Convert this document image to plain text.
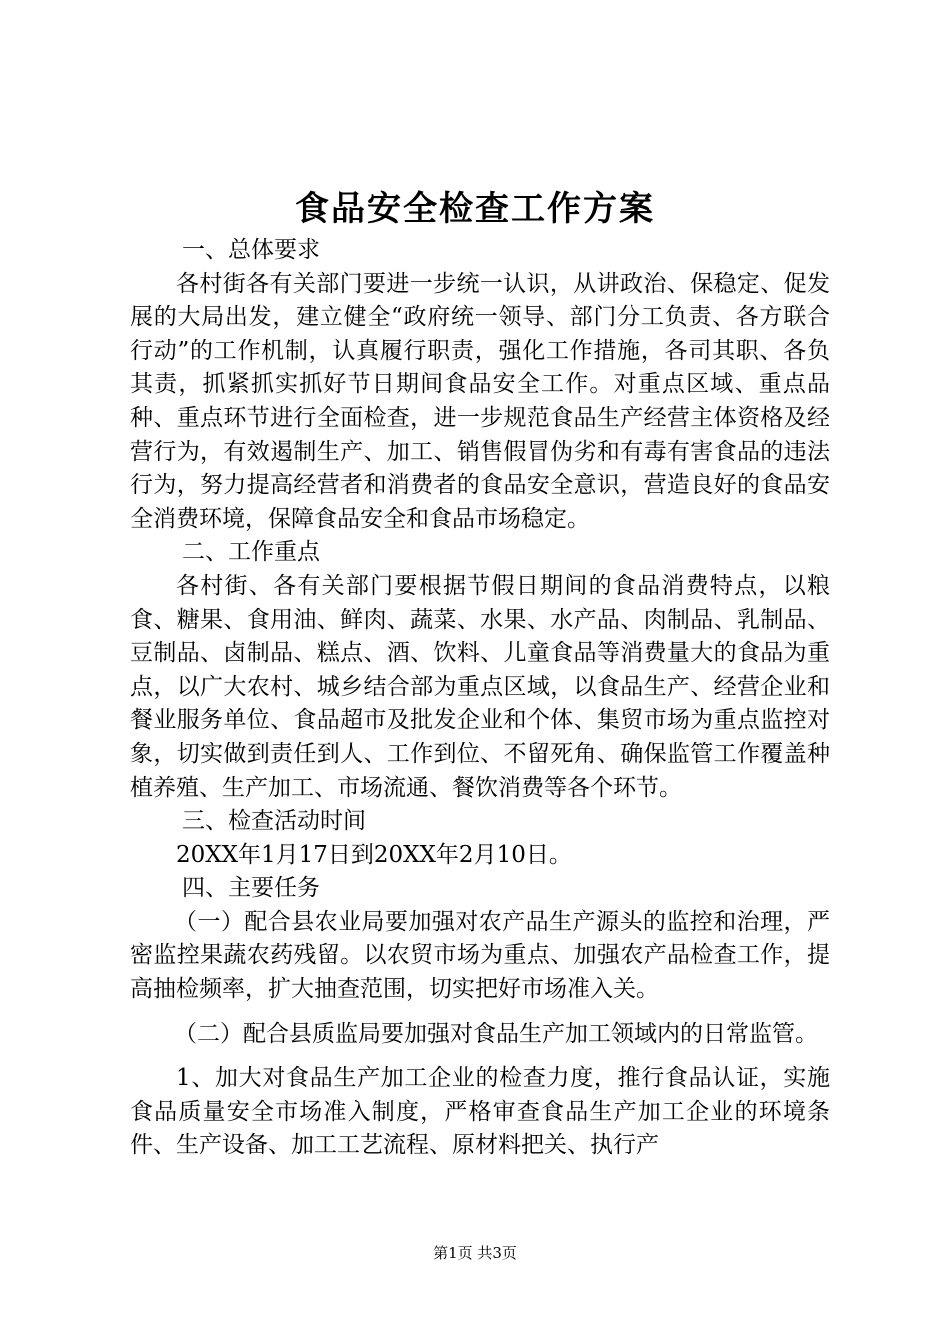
食品安全检查工作方案

一、总体要求

各村街各有关部门要进一步统一认识，从讲政治、保稳定、促发展的大局出发，建立健全“政府统一领导、部门分工负责、各方联合行动”的工作机制，认真履行职责，强化工作措施，各司其职、各负其责，抓紧抓实抓好节日期间食品安全工作。对重点区域、重点品种、重点环节进行全面检查，进一步规范食品生产经营主体资格及经营行为，有效遏制生产、加工、销售假冒伪劣和有毒有害食品的违法行为，努力提高经营者和消费者的食品安全意识，营造良好的食品安全消费环境，保障食品安全和食品市场稳定。

二、工作重点

各村街、各有关部门要根据节假日期间的食品消费特点，以粮食、糖果、食用油、鲜肉、蔬菜、水果、水产品、肉制品、乳制品、豆制品、卤制品、糕点、酒、饮料、儿童食品等消费量大的食品为重点，以广大农村、城乡结合部为重点区域，以食品生产、经营企业和餐业服务单位、食品超市及批发企业和个体、集贸市场为重点监控对象，切实做到责任到人、工作到位、不留死角、确保监管工作覆盖种植养殖、生产加工、市场流通、餐饮消费等各个环节。

三、检查活动时间

20XX年1月17日到20XX年2月10日。

四、主要任务

（一）配合县农业局要加强对农产品生产源头的监控和治理，严密监控果蔬农药残留。以农贸市场为重点、加强农产品检查工作，提高抽检频率，扩大抽查范围，切实把好市场准入关。

（二）配合县质监局要加强对食品生产加工领域内的日常监管。

1、加大对食品生产加工企业的检查力度，推行食品认证，实施食品质量安全市场准入制度，严格审查食品生产加工企业的环境条件、生产设备、加工工艺流程、原材料把关、执行产

第1页 共3页
